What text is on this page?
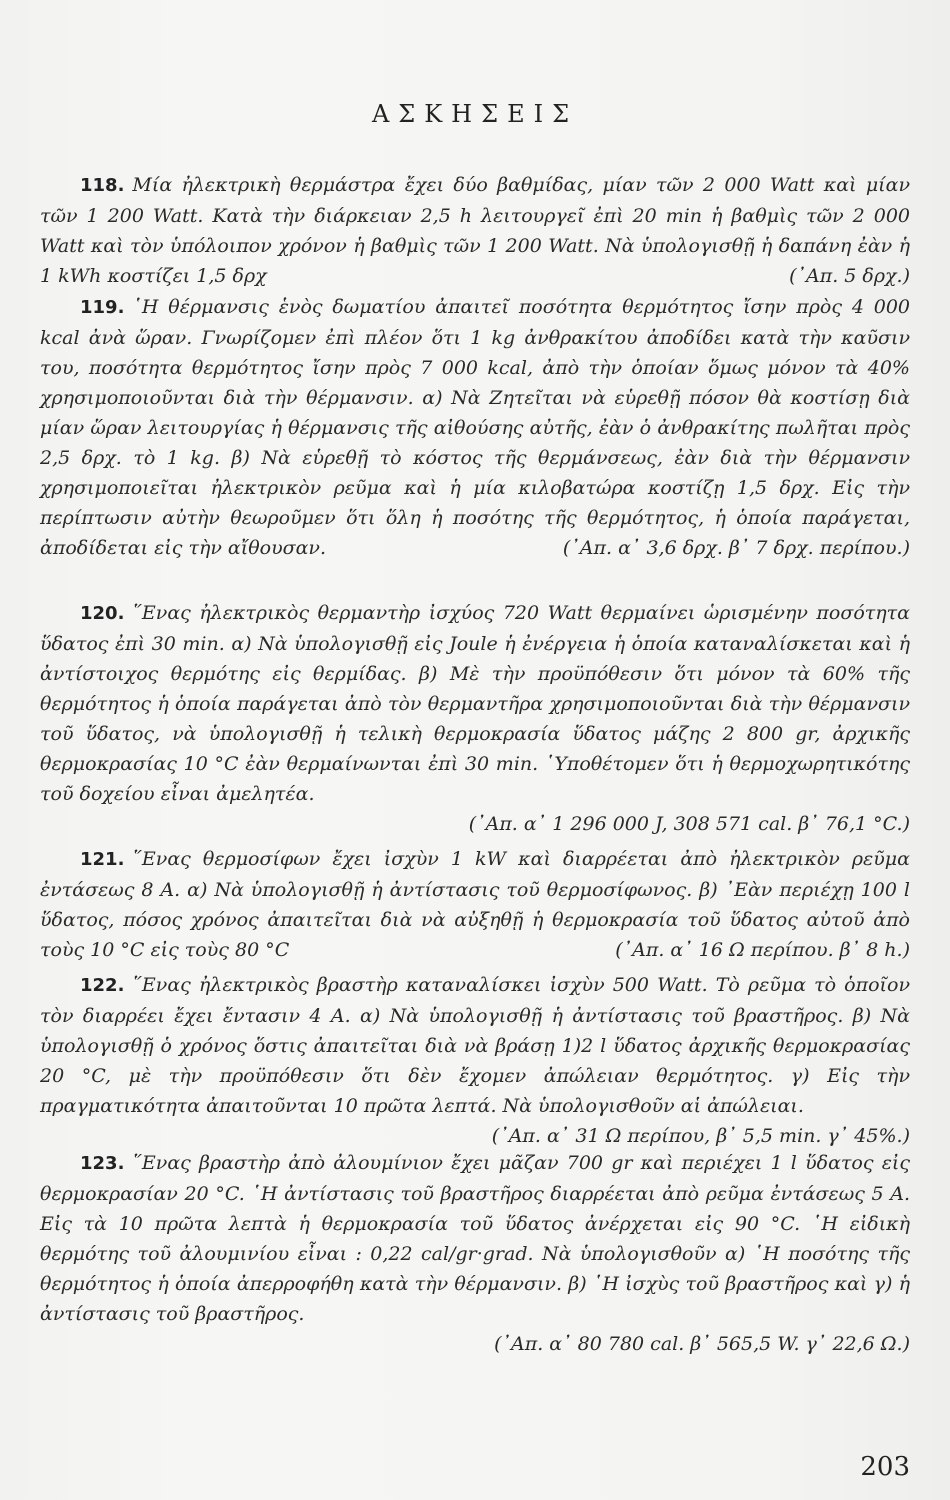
ΑΣΚΗΣΕΙΣ

118. Μία ἠλεκτρικὴ θερμάστρα ἔχει δύο βαθμίδας, μίαν τῶν 2 000 Watt καὶ μίαν τῶν 1 200 Watt. Κατὰ τὴν διάρκειαν 2,5 h λειτουργεῖ ἐπὶ 20 min ἡ βαθμὶς τῶν 2 000 Watt καὶ τὸν ὑπόλοιπον χρόνον ἡ βαθμὶς τῶν 1 200 Watt. Νὰ ὑπολογισθῇ ἡ δαπάνη ἐὰν ἡ 1 kWh κοστίζει 1,5 δρχ	(᾽Απ. 5 δρχ.)

119. ῾Η θέρμανσις ἑνὸς δωματίου ἀπαιτεῖ ποσότητα θερμότητος ἴσην πρὸς 4 000 kcal ἀνὰ ὥραν. Γνωρίζομεν ἐπὶ πλέον ὅτι 1 kg ἀνθρακίτου ἀποδίδει κατὰ τὴν καῦσιν του, ποσότητα θερμότητος ἴσην πρὸς 7 000 kcal, ἀπὸ τὴν ὁποίαν ὅμως μόνον τὰ 40% χρησιμοποιοῦνται διὰ τὴν θέρμανσιν. α) Νὰ Ζητεῖται νὰ εὑρεθῇ πόσον θὰ κοστίσῃ διὰ μίαν ὥραν λειτουργίας ἡ θέρμανσις τῆς αἰθούσης αὐτῆς, ἐὰν ὁ ἀνθρακίτης πωλῆται πρὸς 2,5 δρχ. τὸ 1 kg. β) Νὰ εὑρεθῇ τὸ κόστος τῆς θερμάνσεως, ἐὰν διὰ τὴν θέρμανσιν χρησιμοποιεῖται ἠλεκτρικὸν ρεῦμα καὶ ἡ μία κιλοβατώρα κοστίζῃ 1,5 δρχ. Εἰς τὴν περίπτωσιν αὐτὴν θεωροῦμεν ὅτι ὅλη ἡ ποσότης τῆς θερμότητος, ἡ ὁποία παράγεται, ἀποδίδεται εἰς τὴν αἴθουσαν.	(᾽Απ. α᾽ 3,6 δρχ. β᾽ 7 δρχ. περίπου.)

120. ῞Ενας ἠλεκτρικὸς θερμαντὴρ ἰσχύος 720 Watt θερμαίνει ὡρισμένην ποσότητα ὕδατος ἐπὶ 30 min. α) Νὰ ὑπολογισθῇ εἰς Joule ἡ ἐνέργεια ἡ ὁποία καταναλίσκεται καὶ ἡ ἀντίστοιχος θερμότης εἰς θερμίδας. β) Μὲ τὴν προϋπόθεσιν ὅτι μόνον τὰ 60% τῆς θερμότητος ἡ ὁποία παράγεται ἀπὸ τὸν θερμαντῆρα χρησιμοποιοῦνται διὰ τὴν θέρμανσιν τοῦ ὕδατος, νὰ ὑπολογισθῇ ἡ τελικὴ θερμοκρασία ὕδατος μάζης 2 800 gr, ἀρχικῆς θερμοκρασίας 10 °C ἐὰν θερμαίνωνται ἐπὶ 30 min. ῾Υποθέτομεν ὅτι ἡ θερμοχωρητικότης τοῦ δοχείου εἶναι ἀμελητέα.

(᾽Απ. α᾽ 1 296 000 J, 308 571 cal. β᾽ 76,1 °C.)

121. ῞Ενας θερμοσίφων ἔχει ἰσχὺν 1 kW καὶ διαρρέεται ἀπὸ ἠλεκτρικὸν ρεῦμα ἐντάσεως 8 Α. α) Νὰ ὑπολογισθῇ ἡ ἀντίστασις τοῦ θερμοσίφωνος. β) ᾽Εὰν περιέχῃ 100 l ὕδατος, πόσος χρόνος ἀπαιτεῖται διὰ νὰ αὐξηθῇ ἡ θερμοκρασία τοῦ ὕδατος αὐτοῦ ἀπὸ τοὺς 10 °C εἰς τοὺς 80 °C	(᾽Απ. α᾽ 16 Ω περίπου. β᾽ 8 h.)

122. ῞Ενας ἠλεκτρικὸς βραστὴρ καταναλίσκει ἰσχὺν 500 Watt. Τὸ ρεῦμα τὸ ὁποῖον τὸν διαρρέει ἔχει ἔντασιν 4 Α. α) Νὰ ὑπολογισθῇ ἡ ἀντίστασις τοῦ βραστῆρος. β) Νὰ ὑπολογισθῇ ὁ χρόνος ὅστις ἀπαιτεῖται διὰ νὰ βράσῃ 1)2 l ὕδατος ἀρχικῆς θερμοκρασίας 20 °C, μὲ τὴν προϋπόθεσιν ὅτι δὲν ἔχομεν ἀπώλειαν θερμότητος. γ) Εἰς τὴν πραγματικότητα ἀπαιτοῦνται 10 πρῶτα λεπτά. Νὰ ὑπολογισθοῦν αἱ ἀπώλειαι.

(᾽Απ. α᾽ 31 Ω περίπου, β᾽ 5,5 min. γ᾽ 45%.)

123. ῞Ενας βραστὴρ ἀπὸ ἀλουμίνιον ἔχει μᾶζαν 700 gr καὶ περιέχει 1 l ὕδατος εἰς θερμοκρασίαν 20 °C. ῾Η ἀντίστασις τοῦ βραστῆρος διαρρέεται ἀπὸ ρεῦμα ἐντάσεως 5 Α. Εἰς τὰ 10 πρῶτα λεπτὰ ἡ θερμοκρασία τοῦ ὕδατος ἀνέρχεται εἰς 90 °C. ῾Η εἰδικὴ θερμότης τοῦ ἀλουμινίου εἶναι : 0,22 cal/gr·grad. Νὰ ὑπολογισθοῦν α) ῾Η ποσότης τῆς θερμότητος ἡ ὁποία ἀπερροφήθη κατὰ τὴν θέρμανσιν. β) ῾Η ἰσχὺς τοῦ βραστῆρος καὶ γ) ἡ ἀντίστασις τοῦ βραστῆρος.

(᾽Απ. α᾽ 80 780 cal. β᾽ 565,5 W. γ᾽ 22,6 Ω.)

203
